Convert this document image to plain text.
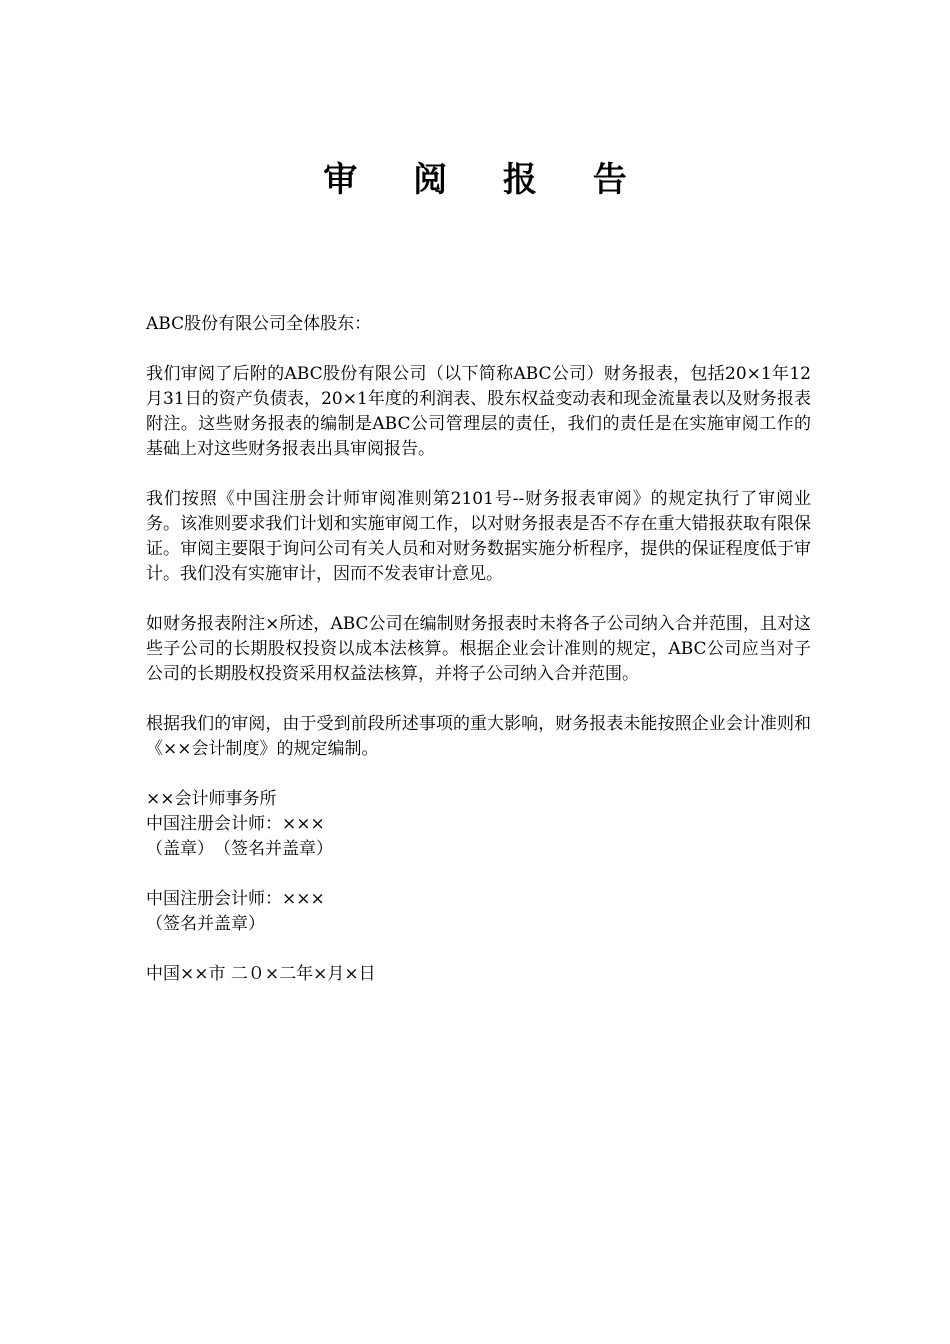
审 阅 报 告

ABC股份有限公司全体股东：

我们审阅了后附的ABC股份有限公司（以下简称ABC公司）财务报表，包括20×1年12月31日的资产负债表，20×1年度的利润表、股东权益变动表和现金流量表以及财务报表附注。这些财务报表的编制是ABC公司管理层的责任，我们的责任是在实施审阅工作的基础上对这些财务报表出具审阅报告。

我们按照《中国注册会计师审阅准则第2101号--财务报表审阅》的规定执行了审阅业务。该准则要求我们计划和实施审阅工作，以对财务报表是否不存在重大错报获取有限保证。审阅主要限于询问公司有关人员和对财务数据实施分析程序，提供的保证程度低于审计。我们没有实施审计，因而不发表审计意见。

如财务报表附注×所述，ABC公司在编制财务报表时未将各子公司纳入合并范围，且对这些子公司的长期股权投资以成本法核算。根据企业会计准则的规定，ABC公司应当对子公司的长期股权投资采用权益法核算，并将子公司纳入合并范围。

根据我们的审阅，由于受到前段所述事项的重大影响，财务报表未能按照企业会计准则和《××会计制度》的规定编制。

××会计师事务所
中国注册会计师：×××
（盖章）　（签名并盖章）
中国注册会计师：×××
（签名并盖章）
中国××市 二０×二年×月×日
